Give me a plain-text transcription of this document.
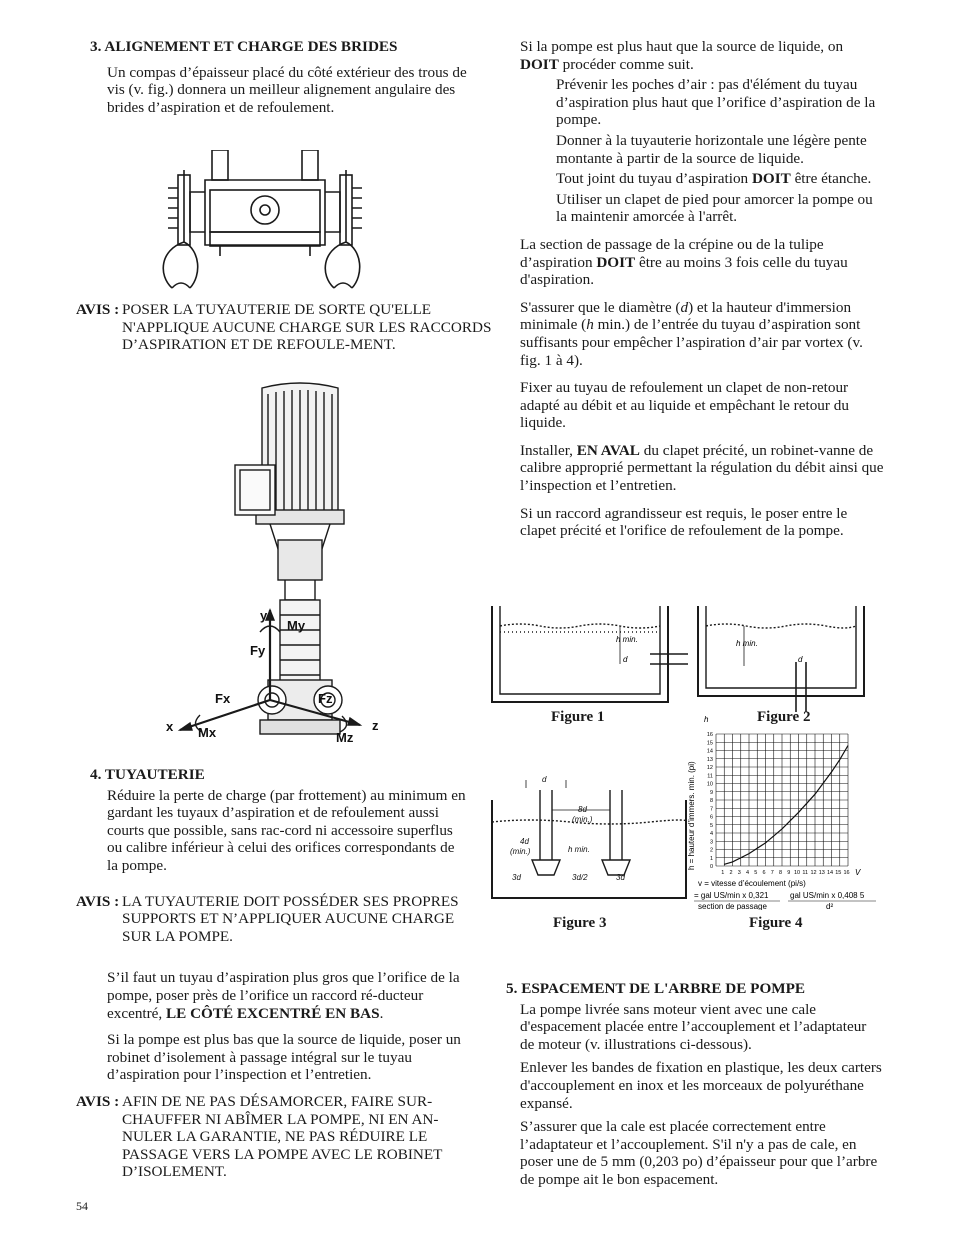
3. ALIGNEMENT ET CHARGE DES BRIDES

Un compas d’épaisseur placé du côté extérieur des trous de vis (v. fig.) donnera un meilleur alignement angulaire des brides d’aspiration et de refoulement.

AVIS : POSER LA TUYAUTERIE DE SORTE QU'ELLE N'APPLIQUE AUCUNE CHARGE SUR LES RACCORDS D’ASPIRATION ET DE REFOULE-MENT.
y
My
Fy
Fx	Fz
x Mx	Mz
z

4. TUYAUTERIE

Réduire la perte de charge (par frottement) au minimum en gardant les tuyaux d’aspiration et de refoulement aussi courts que possible, sans rac-cord ni accessoire superflus ou calibre inférieur à celui des orifices correspondants de la pompe.

AVIS : LA TUYAUTERIE DOIT POSSÉDER SES PROPRES SUPPORTS ET N’APPLIQUER AUCUNE CHARGE SUR LA POMPE.

S’il faut un tuyau d’aspiration plus gros que l’orifice de la pompe, poser près de l’orifice un raccord ré-ducteur excentré, LE CÔTÉ EXCENTRÉ EN BAS.

Si la pompe est plus bas que la source de liquide, poser un robinet d’isolement à passage intégral sur le tuyau d’aspiration pour l’inspection et l’entretien.

AVIS : AFIN DE NE PAS DÉSAMORCER, FAIRE SUR-CHAUFFER NI ABÎMER LA POMPE, NI EN AN-NULER LA GARANTIE, NE PAS RÉDUIRE LE PASSAGE VERS LA POMPE AVEC LE ROBINET D’ISOLEMENT.

Si la pompe est plus haut que la source de liquide, on DOIT procéder comme suit.

Prévenir les poches d’air : pas d'élément du tuyau d’aspiration plus haut que l’orifice d’aspiration de la pompe.

Donner à la tuyauterie horizontale une légère pente montante à partir de la source de liquide.

Tout joint du tuyau d’aspiration DOIT être étanche.

Utiliser un clapet de pied pour amorcer la pompe ou la maintenir amorcée à l'arrêt.

La section de passage de la crépine ou de la tulipe d’aspiration DOIT être au moins 3 fois celle du tuyau d'aspiration.

S'assurer que le diamètre (d) et la hauteur d'immersion minimale (h min.) de l’entrée du tuyau d’aspiration sont suffisants pour empêcher l’aspiration d’air par vortex (v. fig. 1 à 4).

Fixer au tuyau de refoulement un clapet de non-retour adapté au débit et au liquide et empêchant le retour du liquide.

Installer, EN AVAL du clapet précité, un robinet-vanne de calibre approprié permettant la régulation du débit ainsi que l’inspection et l’entretien.

Si un raccord agrandisseur est requis, le poser entre le clapet précité et l'orifice de refoulement de la pompe.

h min.
d
Figure 1
h min.
d
Figure 2
d
8d
(min.)
4d
(min.)	h min.
3d	3d/2	3d
Figure 3
0
1
2
3
4
5
6
7
8
9
10
11
12
13
14
15
16
1 2 3 4 5 6 7 8 9 10 11 12 13 14 15 16
h
h = hauteur d’immers. min. (pi)
v = vitesse d’écoulement (pi/s)
V
= gal US/min x 0,321	gal US/min x 0,408 5
section de passage	d²
Figure 4

5. ESPACEMENT DE L'ARBRE DE POMPE

La pompe livrée sans moteur vient avec une cale d'espacement placée entre l’accouplement et l’adaptateur de moteur (v. illustrations ci-dessous).

Enlever les bandes de fixation en plastique, les deux carters d'accouplement en inox et les morceaux de polyuréthane expansé.

S’assurer que la cale est placée correctement entre l’adaptateur et l’accouplement. S'il n'y a pas de cale, en poser une de 5 mm (0,203 po) d’épaisseur pour que l’arbre de pompe ait le bon espacement.

54
